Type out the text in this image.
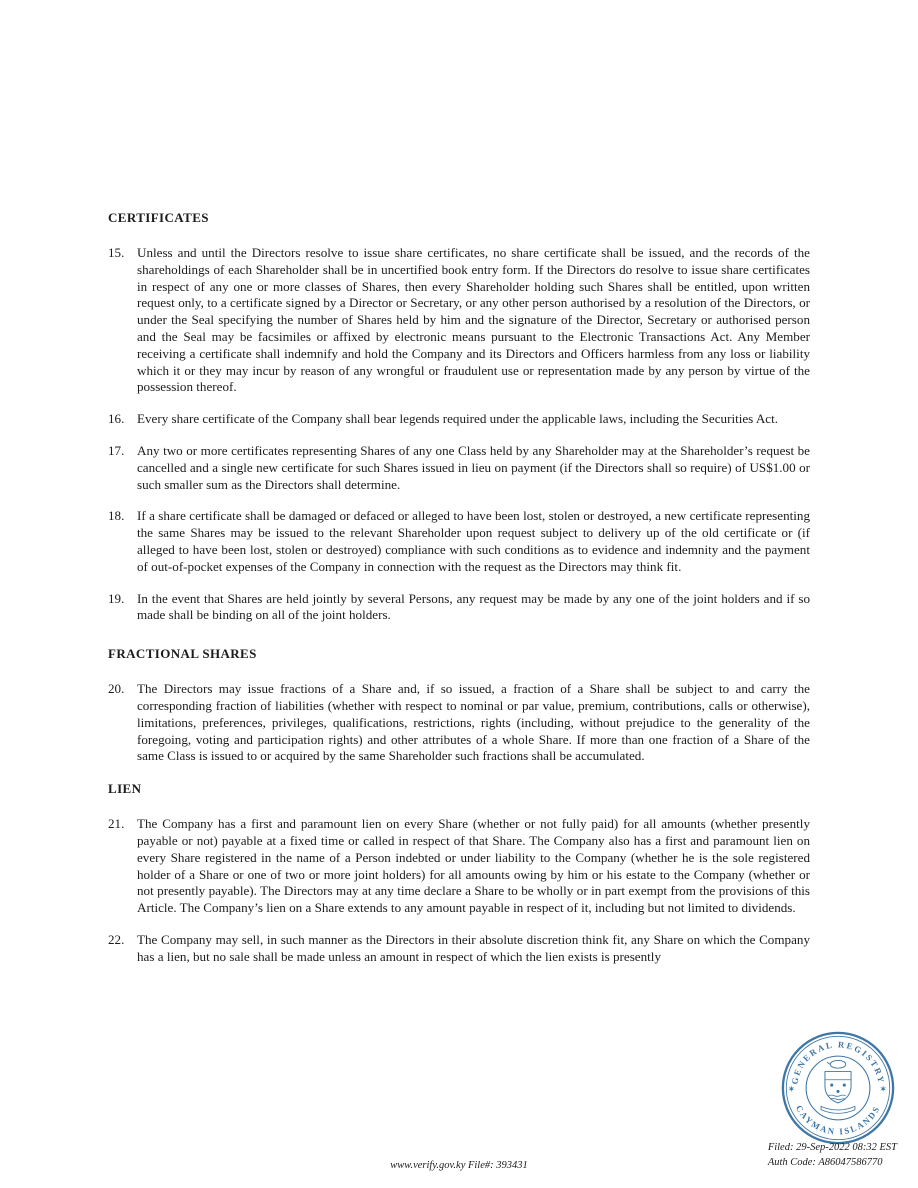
CERTIFICATES
15. Unless and until the Directors resolve to issue share certificates, no share certificate shall be issued, and the records of the shareholdings of each Shareholder shall be in uncertified book entry form. If the Directors do resolve to issue share certificates in respect of any one or more classes of Shares, then every Shareholder holding such Shares shall be entitled, upon written request only, to a certificate signed by a Director or Secretary, or any other person authorised by a resolution of the Directors, or under the Seal specifying the number of Shares held by him and the signature of the Director, Secretary or authorised person and the Seal may be facsimiles or affixed by electronic means pursuant to the Electronic Transactions Act. Any Member receiving a certificate shall indemnify and hold the Company and its Directors and Officers harmless from any loss or liability which it or they may incur by reason of any wrongful or fraudulent use or representation made by any person by virtue of the possession thereof.
16. Every share certificate of the Company shall bear legends required under the applicable laws, including the Securities Act.
17. Any two or more certificates representing Shares of any one Class held by any Shareholder may at the Shareholder’s request be cancelled and a single new certificate for such Shares issued in lieu on payment (if the Directors shall so require) of US$1.00 or such smaller sum as the Directors shall determine.
18. If a share certificate shall be damaged or defaced or alleged to have been lost, stolen or destroyed, a new certificate representing the same Shares may be issued to the relevant Shareholder upon request subject to delivery up of the old certificate or (if alleged to have been lost, stolen or destroyed) compliance with such conditions as to evidence and indemnity and the payment of out-of-pocket expenses of the Company in connection with the request as the Directors may think fit.
19. In the event that Shares are held jointly by several Persons, any request may be made by any one of the joint holders and if so made shall be binding on all of the joint holders.
FRACTIONAL SHARES
20. The Directors may issue fractions of a Share and, if so issued, a fraction of a Share shall be subject to and carry the corresponding fraction of liabilities (whether with respect to nominal or par value, premium, contributions, calls or otherwise), limitations, preferences, privileges, qualifications, restrictions, rights (including, without prejudice to the generality of the foregoing, voting and participation rights) and other attributes of a whole Share. If more than one fraction of a Share of the same Class is issued to or acquired by the same Shareholder such fractions shall be accumulated.
LIEN
21. The Company has a first and paramount lien on every Share (whether or not fully paid) for all amounts (whether presently payable or not) payable at a fixed time or called in respect of that Share. The Company also has a first and paramount lien on every Share registered in the name of a Person indebted or under liability to the Company (whether he is the sole registered holder of a Share or one of two or more joint holders) for all amounts owing by him or his estate to the Company (whether or not presently payable). The Directors may at any time declare a Share to be wholly or in part exempt from the provisions of this Article. The Company’s lien on a Share extends to any amount payable in respect of it, including but not limited to dividends.
22. The Company may sell, in such manner as the Directors in their absolute discretion think fit, any Share on which the Company has a lien, but no sale shall be made unless an amount in respect of which the lien exists is presently
GENERAL REGISTRY
CAYMAN ISLANDS
✶	✶
www.verify.gov.ky File#: 393431
Filed: 29-Sep-2022 08:32 EST
Auth Code: A86047586770
